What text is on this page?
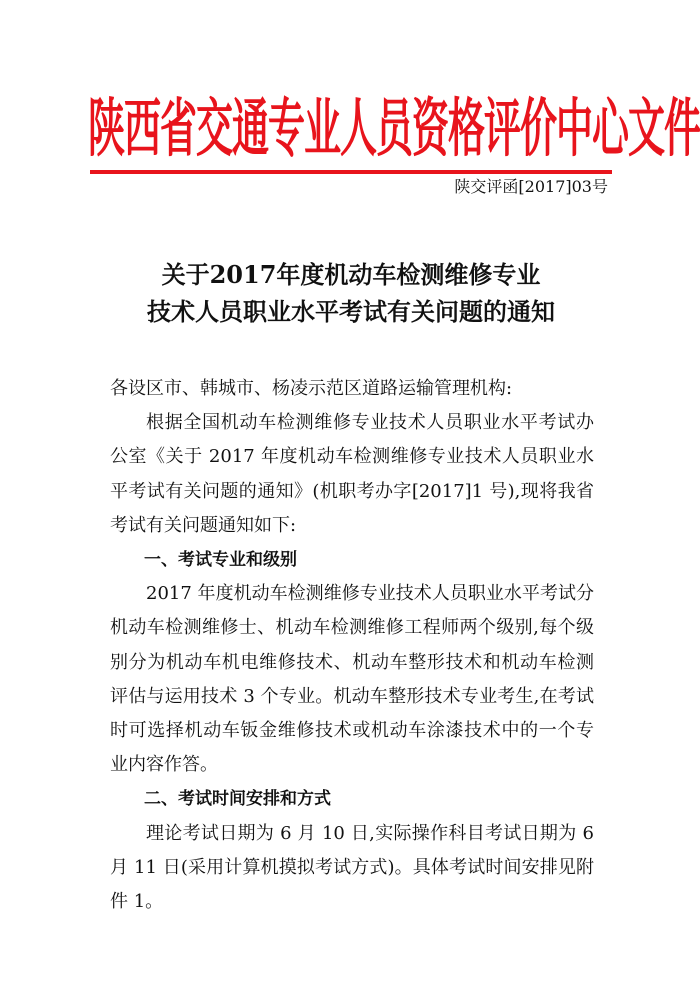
陕西省交通专业人员资格评价中心文件
陕交评函[2017]03号
关于2017年度机动车检测维修专业
技术人员职业水平考试有关问题的通知

各设区市、韩城市、杨凌示范区道路运输管理机构:

根据全国机动车检测维修专业技术人员职业水平考试办公室《关于 2017 年度机动车检测维修专业技术人员职业水平考试有关问题的通知》(机职考办字[2017]1 号),现将我省考试有关问题通知如下:

一、考试专业和级别

2017 年度机动车检测维修专业技术人员职业水平考试分机动车检测维修士、机动车检测维修工程师两个级别,每个级别分为机动车机电维修技术、机动车整形技术和机动车检测评估与运用技术 3 个专业。机动车整形技术专业考生,在考试时可选择机动车钣金维修技术或机动车涂漆技术中的一个专业内容作答。

二、考试时间安排和方式

理论考试日期为 6 月 10 日,实际操作科目考试日期为 6 月 11 日(采用计算机摸拟考试方式)。具体考试时间安排见附件 1。
